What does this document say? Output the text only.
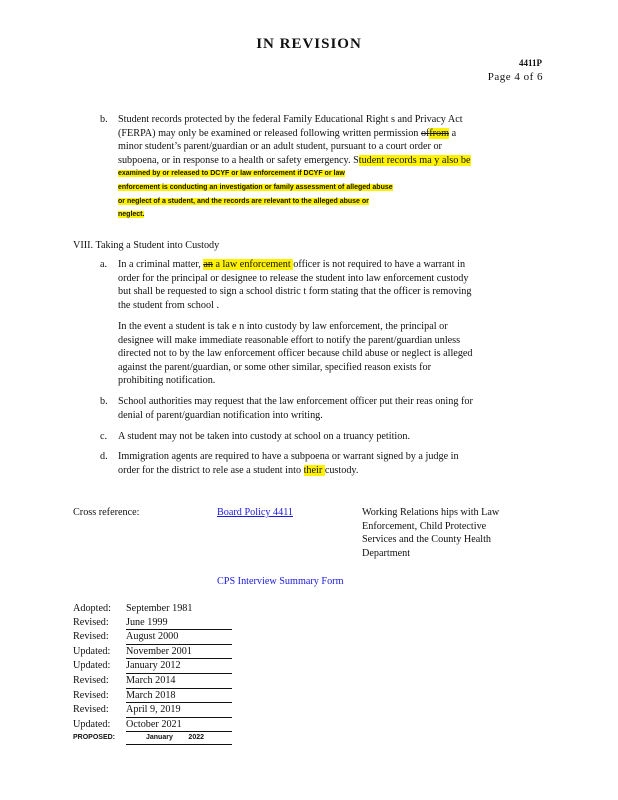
IN REVISION
4411P
Page 4 of 6
b. Student records protected by the federal Family Educational Right s and Privacy Act
(FERPA) may only be examined or released following written permission offrom a
minor student’s parent/guardian or an adult student, pursuant to a court order or
subpoena, or in response to a health or safety emergency. Student records ma y also be
examined by or released to DCYF or law enforcement if DCYF or law
enforcement is conducting an investigation or family assessment of alleged abuse
or neglect of a student, and the records are relevant to the alleged abuse or
neglect.
VIII. Taking a Student into Custody
a. In a criminal matter, an a law enforcement officer is not required to have a warrant in
order for the principal or designee to release the student into law enforcement custody
but shall be requested to sign a school distric t form stating that the officer is removing
the student from school .
In the event a student is tak e n into custody by law enforcement, the principal or
designee will make immediate reasonable effort to notify the parent/guardian unless
directed not to by the law enforcement officer because child abuse or neglect is alleged
against the parent/guardian, or some other similar, specified reason exists for
prohibiting notification.
b. School authorities may request that the law enforcement officer put their reas oning for
denial of parent/guardian notification into writing.
c. A student may not be taken into custody at school on a truancy petition.
d. Immigration agents are required to have a subpoena or warrant signed by a judge in
order for the district to rele ase a student into their custody.
Cross reference:	Board Policy 4411	Working Relations hips with Law
Enforcement, Child Protective
Services and the County Health
Department
CPS Interview Summary Form
Adopted:	September 1981
Revised:	June 1999
Revised:	August 2000
Updated:	November 2001
Updated:	January 2012
Revised:	March 2014
Revised:	March 2018
Revised:	April 9, 2019
Updated:	October 2021
PROPOSED:	January 2022
